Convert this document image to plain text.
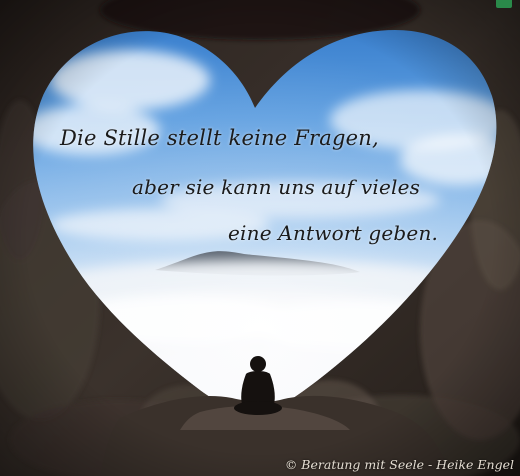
Die Stille stellt keine Fragen,

aber sie kann uns auf vieles

eine Antwort geben.

© Beratung mit Seele - Heike Engel
